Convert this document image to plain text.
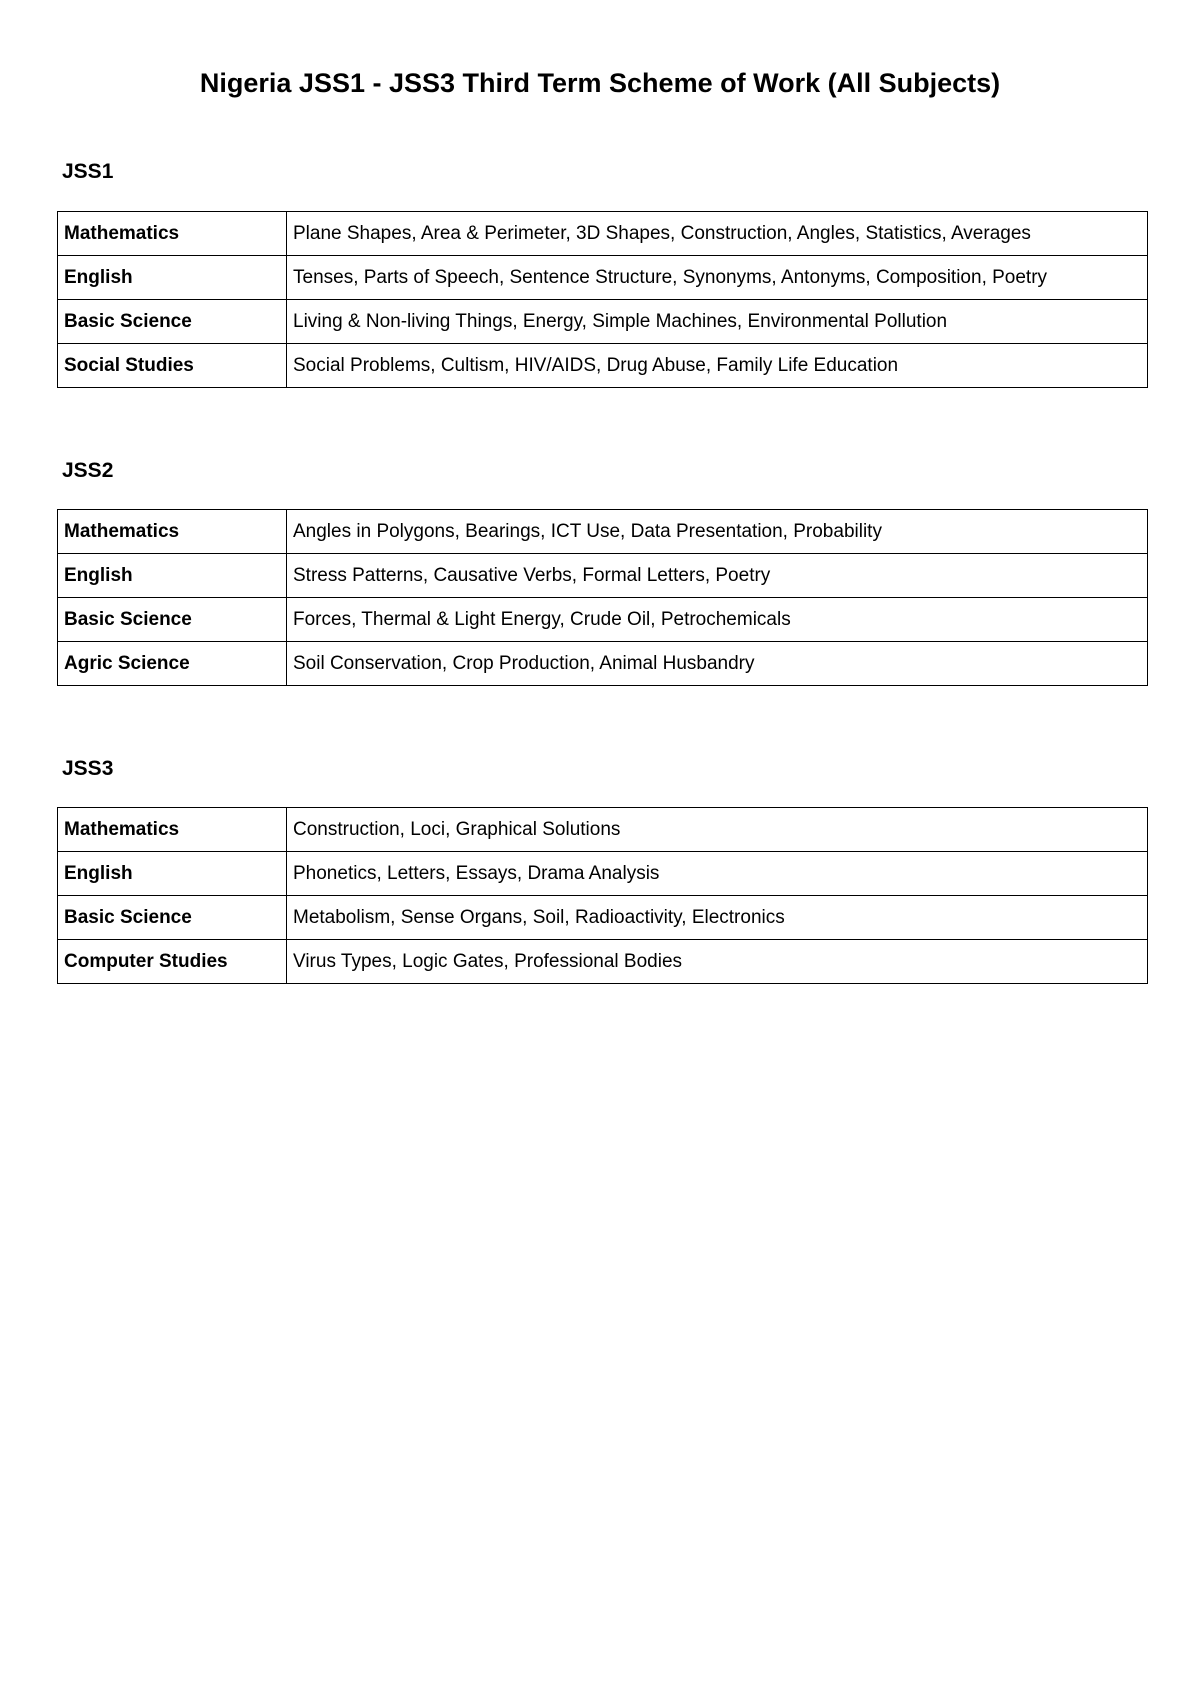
Nigeria JSS1 - JSS3 Third Term Scheme of Work (All Subjects)
JSS1
Mathematics	Plane Shapes, Area & Perimeter, 3D Shapes, Construction, Angles, Statistics, Averages
English	Tenses, Parts of Speech, Sentence Structure, Synonyms, Antonyms, Composition, Poetry
Basic Science	Living & Non-living Things, Energy, Simple Machines, Environmental Pollution
Social Studies	Social Problems, Cultism, HIV/AIDS, Drug Abuse, Family Life Education
JSS2
Mathematics	Angles in Polygons, Bearings, ICT Use, Data Presentation, Probability
English	Stress Patterns, Causative Verbs, Formal Letters, Poetry
Basic Science	Forces, Thermal & Light Energy, Crude Oil, Petrochemicals
Agric Science	Soil Conservation, Crop Production, Animal Husbandry
JSS3
Mathematics	Construction, Loci, Graphical Solutions
English	Phonetics, Letters, Essays, Drama Analysis
Basic Science	Metabolism, Sense Organs, Soil, Radioactivity, Electronics
Computer Studies	Virus Types, Logic Gates, Professional Bodies
